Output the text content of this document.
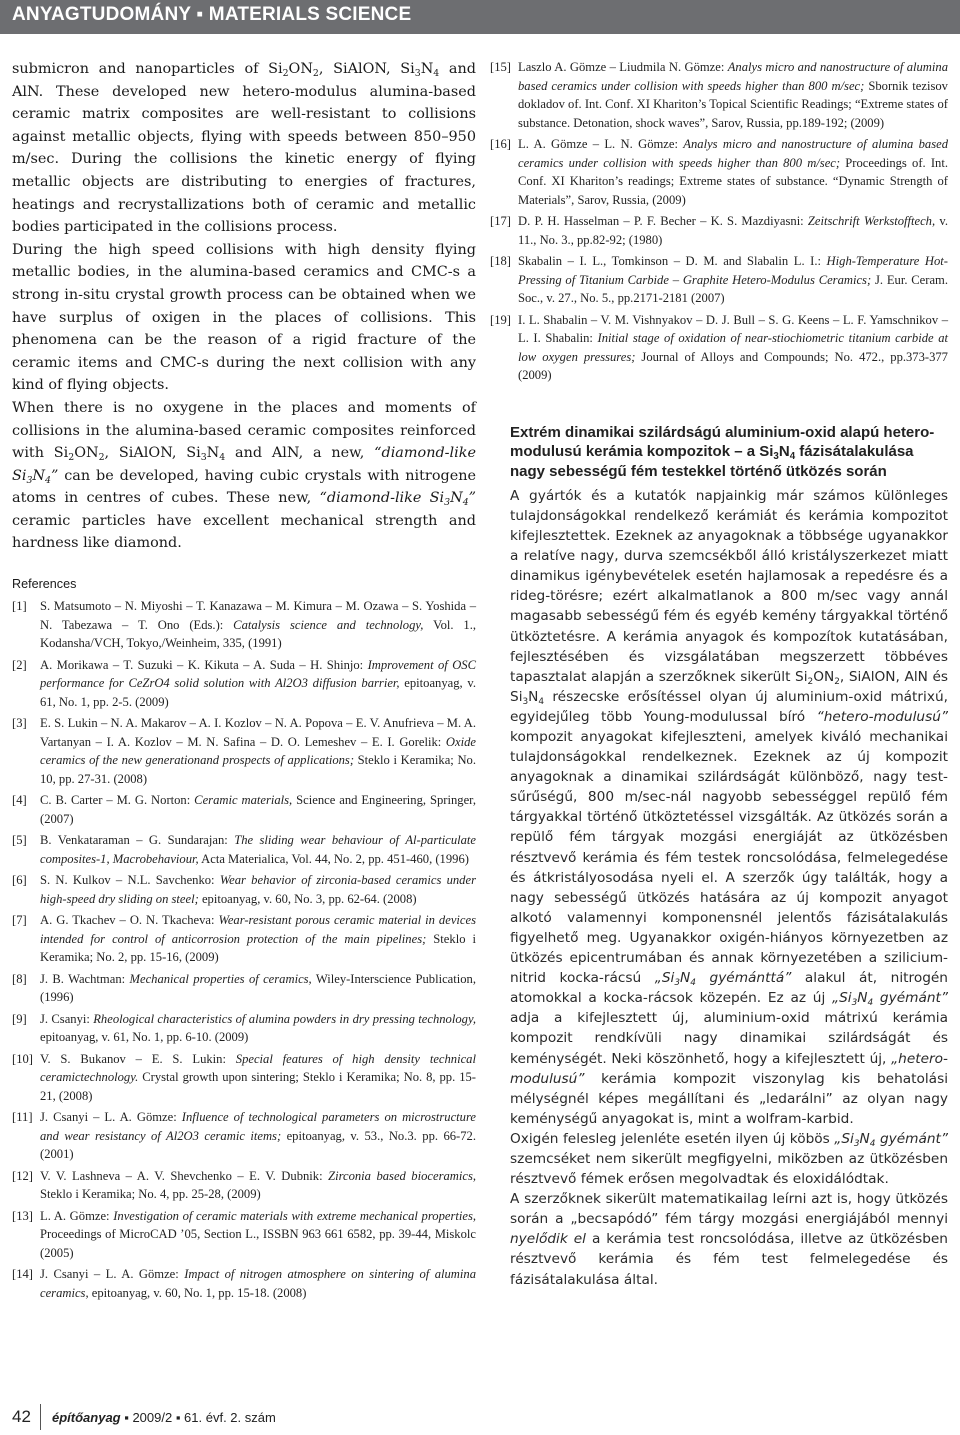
ANYAGTUDOMÁNY ▪ MATERIALS SCIENCE

submicron and nanoparticles of $Si_2ON_2$, SiAlON, $Si_3N_4$ and AlN. These developed new hetero-modulus alumina-based ceramic matrix composites are well-resistant to collisions against metallic objects, flying with speeds between 850–950 m/sec. During the collisions the kinetic energy of flying metallic objects are distributing to energies of fractures, heatings and recrystallizations both of ceramic and metallic bodies participated in the collisions process.

During the high speed collisions with high density flying metallic bodies, in the alumina-based ceramics and CMC-s a strong in-situ crystal growth process can be obtained when we have surplus of oxigen in the places of collisions. This phenomena can be the reason of a rigid fracture of the ceramic items and CMC-s during the next collision with any kind of flying objects.

When there is no oxygene in the places and moments of collisions in the alumina-based ceramic composites reinforced with $Si_2ON_2$, SiAlON, $Si_3N_4$ and AlN, a new, “diamond-like $Si_3N_4$” can be developed, having cubic crystals with nitrogene atoms in centres of cubes. These new, “diamond-like $Si_3N_4$” ceramic particles have excellent mechanical strength and hardness like diamond.

References
[1]	S. Matsumoto – N. Miyoshi – T. Kanazawa – M. Kimura – M. Ozawa – S. Yoshida – N. Tabezawa – T. Ono (Eds.): Catalysis science and technology, Vol. 1., Kodansha/VCH, Tokyo,/Weinheim, 335, (1991)
[2]	A. Morikawa – T. Suzuki – K. Kikuta – A. Suda – H. Shinjo: Improvement of OSC performance for CeZrO4 solid solution with Al2O3 diffusion barrier, epitoanyag, v. 61, No. 1, pp. 2-5. (2009)
[3]	E. S. Lukin – N. A. Makarov – A. I. Kozlov – N. A. Popova – E. V. Anufrieva – M. A. Vartanyan – I. A. Kozlov – M. N. Safina – D. O. Lemeshev – E. I. Gorelik: Oxide ceramics of the new generationand prospects of applications; Steklo i Keramika; No. 10, pp. 27-31. (2008)
[4]	C. B. Carter – M. G. Norton: Ceramic materials, Science and Engineering, Springer, (2007)
[5]	B. Venkataraman – G. Sundarajan: The sliding wear behaviour of Al-particulate composites-1, Macrobehaviour, Acta Materialica, Vol. 44, No. 2, pp. 451-460, (1996)
[6]	S. N. Kulkov – N.L. Savchenko: Wear behavior of zirconia-based ceramics under high-speed dry sliding on steel; epitoanyag, v. 60, No. 3, pp. 62-64. (2008)
[7]	A. G. Tkachev – O. N. Tkacheva: Wear-resistant porous ceramic material in devices intended for control of anticorrosion protection of the main pipelines; Steklo i Keramika; No. 2, pp. 15-16, (2009)
[8]	J. B. Wachtman: Mechanical properties of ceramics, Wiley-Interscience Publication, (1996)
[9]	J. Csanyi: Rheological characteristics of alumina powders in dry pressing technology, epitoanyag, v. 61, No. 1, pp. 6-10. (2009)
[10] V. S. Bukanov – E. S. Lukin: Special features of high density technical ceramictechnology. Crystal growth upon sintering; Steklo i Keramika; No. 8, pp. 15-21, (2008)
[11] J. Csanyi – L. A. Gömze: Influence of technological parameters on microstructure and wear resistancy of Al2O3 ceramic items; epitoanyag, v. 53., No.3. pp. 66-72. (2001)
[12] V. V. Lashneva – A. V. Shevchenko – E. V. Dubnik: Zirconia based bioceramics, Steklo i Keramika; No. 4, pp. 25-28, (2009)
[13] L. A. Gömze: Investigation of ceramic materials with extreme mechanical properties, Proceedings of MicroCAD ’05, Section L., ISSBN 963 661 6582, pp. 39-44, Miskolc (2005)
[14] J. Csanyi – L. A. Gömze: Impact of nitrogen atmosphere on sintering of alumina ceramics, epitoanyag, v. 60, No. 1, pp. 15-18. (2008)
[15] Laszlo A. Gömze – Liudmila N. Gömze: Analys micro and nanostructure of alumina based ceramics under collision with speeds higher than 800 m/sec; Sbornik tezisov dokladov of. Int. Conf. XI Khariton’s Topical Scientific Readings; “Extreme states of substance. Detonation, shock waves”, Sarov, Russia, pp.189-192; (2009)
[16] L. A. Gömze – L. N. Gömze: Analys micro and nanostructure of alumina based ceramics under collision with speeds higher than 800 m/sec; Proceedings of. Int. Conf. XI Khariton’s readings; Extreme states of substance. “Dynamic Strength of Materials”, Sarov, Russia, (2009)
[17] D. P. H. Hasselman – P. F. Becher – K. S. Mazdiyasni: Zeitschrift Werkstofftech, v. 11., No. 3., pp.82-92; (1980)
[18] Skabalin – I. L., Tomkinson – D. M. and Slabalin L. I.: High-Temperature Hot-Pressing of Titanium Carbide – Graphite Hetero-Modulus Ceramics; J. Eur. Ceram. Soc., v. 27., No. 5., pp.2171-2181 (2007)
[19] I. L. Shabalin – V. M. Vishnyakov – D. J. Bull – S. G. Keens – L. F. Yamschnikov – L. I. Shabalin: Initial stage of oxidation of near-stiochiometric titanium carbide at low oxygen pressures; Journal of Alloys and Compounds; No. 472., pp.373-377 (2009)
Extrém dinamikai szilárdságú aluminium-oxid alapú hetero-modulusú kerámia kompozitok – a $Si_3N_4$ fázisátalakulása nagy sebességű fém testekkel történő ütközés során

A gyártók és a kutatók napjainkig már számos különleges tulajdonságokkal rendelkező kerámiát és kerámia kompozitot kifejlesztettek. Ezeknek az anyagoknak a többsége ugyanakkor a relatíve nagy, durva szemcsékből álló kristályszerkezet miatt dinamikus igénybevételek esetén hajlamosak a repedésre és a rideg-törésre; ezért alkalmatlanok a 800 m/sec vagy annál magasabb sebességű fém és egyéb kemény tárgyakkal történő ütköztetésre. A kerámia anyagok és kompozítok kutatásában, fejlesztésében és vizsgálatában megszerzett többéves tapasztalat alapján a szerzőknek sikerült $Si_2ON_2$, SiAlON, AlN és $Si_3N_4$ részecske erősítéssel olyan új aluminium-oxid mátrixú, egyidejűleg több Young-modulussal bíró “hetero-modulusú” kompozit anyagokat kifejleszteni, amelyek kiváló mechanikai tulajdonságokkal rendelkeznek. Ezeknek az új kompozit anyagoknak a dinamikai szilárdságát különböző, nagy test-sűrűségű, 800 m/sec-nál nagyobb sebességgel repülő fém tárgyakkal történő ütköztetéssel vizsgálták. Az ütközés során a repülő fém tárgyak mozgási energiáját az ütközésben résztvevő kerámia és fém testek roncsolódása, felmelegedése és átkristályosodása nyeli el. A szerzők úgy találták, hogy a nagy sebességű ütközés hatására az új kompozit anyagot alkotó valamennyi komponensnél jelentős fázisátalakulás figyelhető meg. Ugyanakkor oxigén-hiányos környezetben az ütközés epicentrumában és annak környezetében a szilicium-nitrid kocka-rácsú $„Si_3N_4$ gyémánttá” alakul át, nitrogén atomokkal a kocka-rácsok közepén. Ez az új $„Si_3N_4$ gyémánt” adja a kifejlesztett új, aluminium-oxid mátrixú kerámia kompozit rendkívüli nagy dinamikai szilárdságát és keménységét. Neki köszönhető, hogy a kifejlesztett új, „hetero-modulusú” kerámia kompozit viszonylag kis behatolási mélységnél képes megállítani és „ledarálni” az olyan nagy keménységű anyagokat is, mint a wolfram-karbid.

Oxigén felesleg jelenléte esetén ilyen új köbös $„Si_3N_4$ gyémánt” szemcséket nem sikerült megfigyelni, miközben az ütközésben résztvevő fémek erősen megolvadtak és eloxidálódtak.

A szerzőknek sikerült matematikailag leírni azt is, hogy ütközés során a „becsapódó” fém tárgy mozgási energiájából mennyi nyelődik el a kerámia test roncsolódása, illetve az ütközésben résztvevő kerámia és fém test felmelegedése és fázisátalakulása által.

42 építőanyag ▪ 2009/2 ▪ 61. évf. 2. szám
